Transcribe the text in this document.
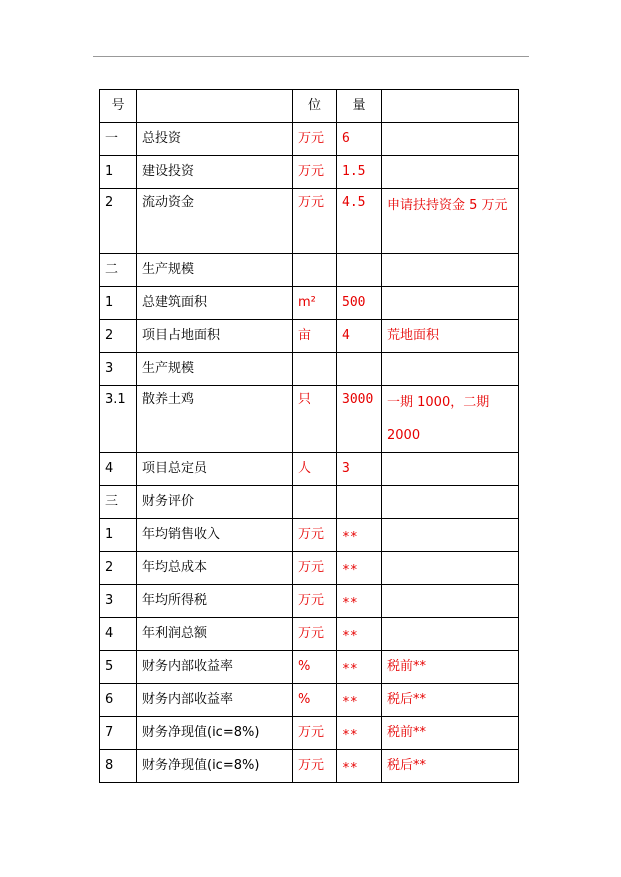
号		位	量	
一	总投资	万元	6	
1	建设投资	万元	1.5	
2	流动资金	万元	4.5	申请扶持资金 5 万元
二	生产规模			
1	总建筑面积	m²	500	
2	项目占地面积	亩	4	荒地面积
3	生产规模			
3.1	散养土鸡	只	3000	一期 1000，二期 2000
4	项目总定员	人	3	
三	财务评价			
1	年均销售收入	万元	**	
2	年均总成本	万元	**	
3	年均所得税	万元	**	
4	年利润总额	万元	**	
5	财务内部收益率	%	**	税前**
6	财务内部收益率	%	**	税后**
7	财务净现值(ic=8%)	万元	**	税前**
8	财务净现值(ic=8%)	万元	**	税后**
